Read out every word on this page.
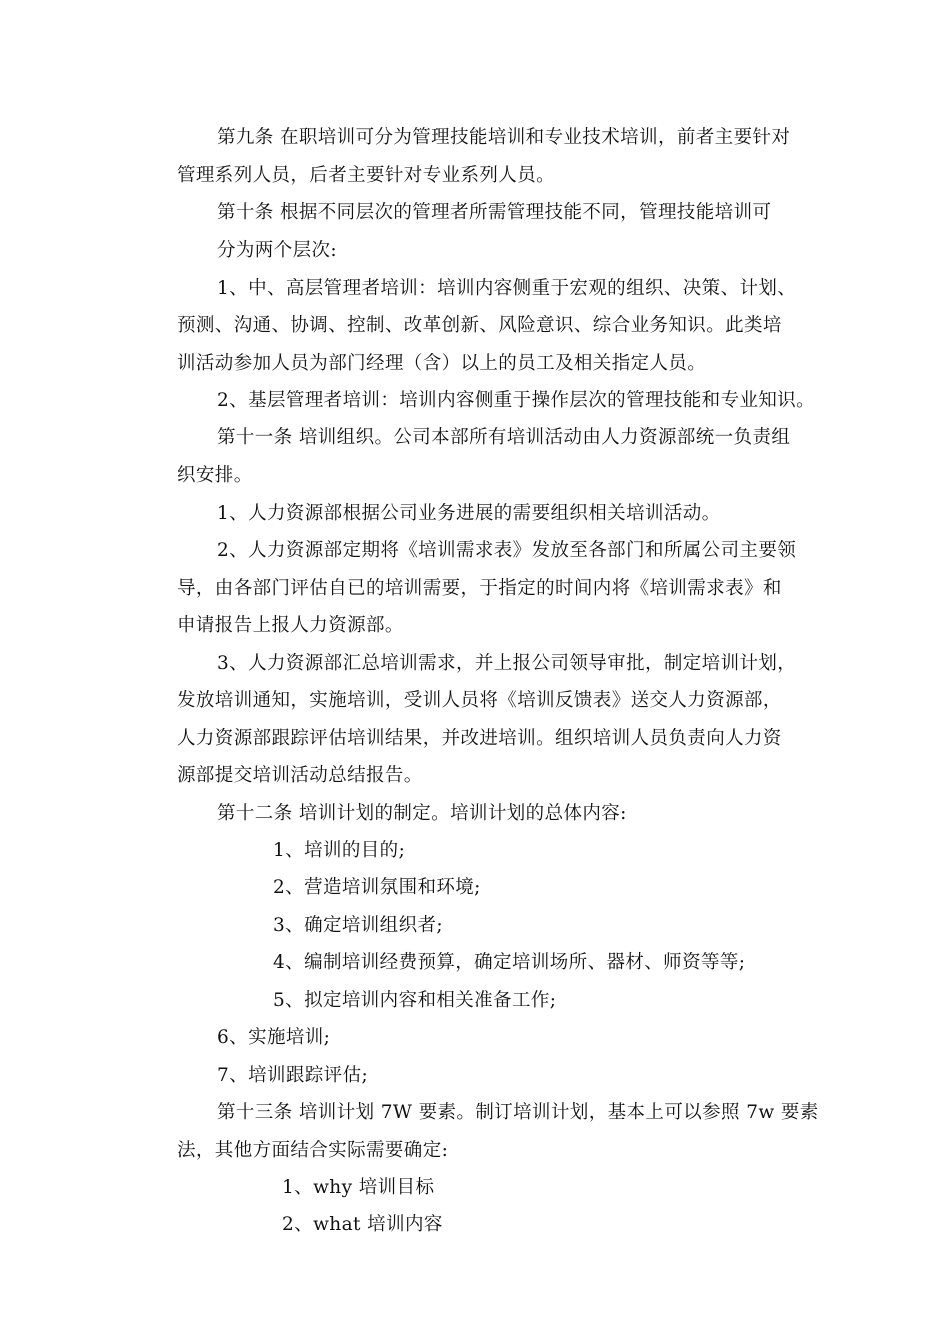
第九条 在职培训可分为管理技能培训和专业技术培训，前者主要针对
管理系列人员，后者主要针对专业系列人员。
第十条 根据不同层次的管理者所需管理技能不同，管理技能培训可
分为两个层次:
1、中、高层管理者培训：培训内容侧重于宏观的组织、决策、计划、
预测、沟通、协调、控制、改革创新、风险意识、综合业务知识。此类培
训活动参加人员为部门经理（含）以上的员工及相关指定人员。
2、基层管理者培训：培训内容侧重于操作层次的管理技能和专业知识。
第十一条 培训组织。公司本部所有培训活动由人力资源部统一负责组
织安排。
1、人力资源部根据公司业务进展的需要组织相关培训活动。
2、人力资源部定期将《培训需求表》发放至各部门和所属公司主要领
导，由各部门评估自已的培训需要，于指定的时间内将《培训需求表》和
申请报告上报人力资源部。
3、人力资源部汇总培训需求，并上报公司领导审批，制定培训计划，
发放培训通知，实施培训，受训人员将《培训反馈表》送交人力资源部，
人力资源部跟踪评估培训结果，并改进培训。组织培训人员负责向人力资
源部提交培训活动总结报告。
第十二条 培训计划的制定。培训计划的总体内容:
1、培训的目的;
2、营造培训氛围和环境;
3、确定培训组织者;
4、编制培训经费预算，确定培训场所、器材、师资等等;
5、拟定培训内容和相关准备工作;
6、实施培训;
7、培训跟踪评估;
第十三条 培训计划 7W 要素。制订培训计划，基本上可以参照 7w 要素
法，其他方面结合实际需要确定:
1、why 培训目标
2、what 培训内容
